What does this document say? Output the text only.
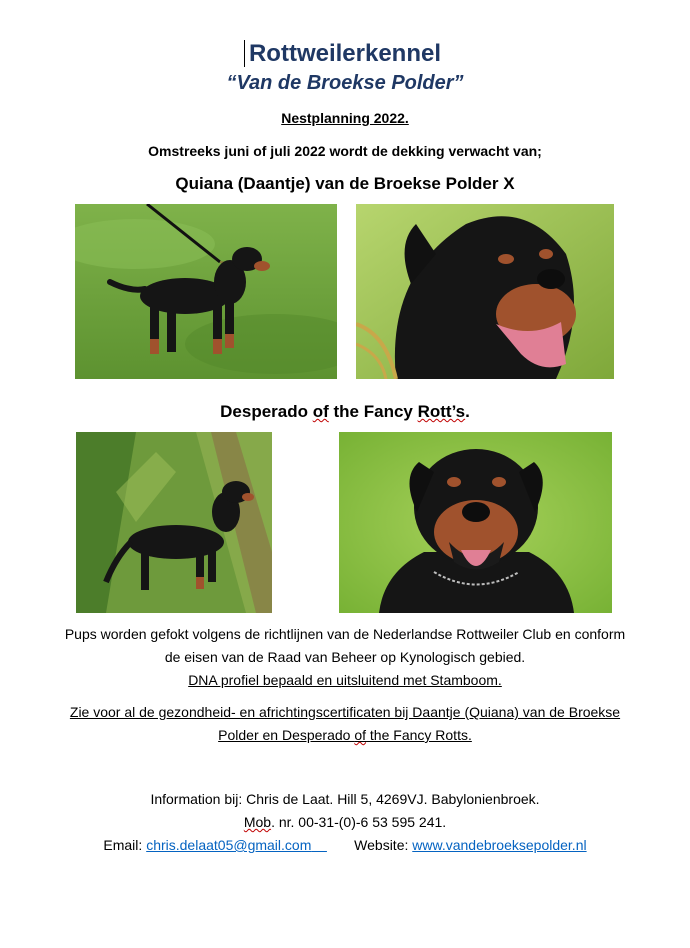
Rottweilerkennel
“Van de Broekse Polder”
Nestplanning 2022.
Omstreeks juni of juli 2022 wordt de dekking verwacht van;
Quiana (Daantje) van de Broekse Polder X
Desperado of the Fancy Rott’s.
Pups worden gefokt volgens de richtlijnen van de Nederlandse Rottweiler Club en conform
de eisen van de Raad van Beheer op Kynologisch gebied.
DNA profiel bepaald en uitsluitend met Stamboom.
Zie voor al de gezondheid- en africhtingscertificaten bij Daantje (Quiana) van de Broekse
Polder en Desperado of the Fancy Rotts.
Information bij: Chris de Laat. Hill 5, 4269VJ. Babylonienbroek.
Mob. nr. 00-31-(0)-6 53 595 241.
Email: chris.delaat05@gmail.com	Website: www.vandebroeksepolder.nl
